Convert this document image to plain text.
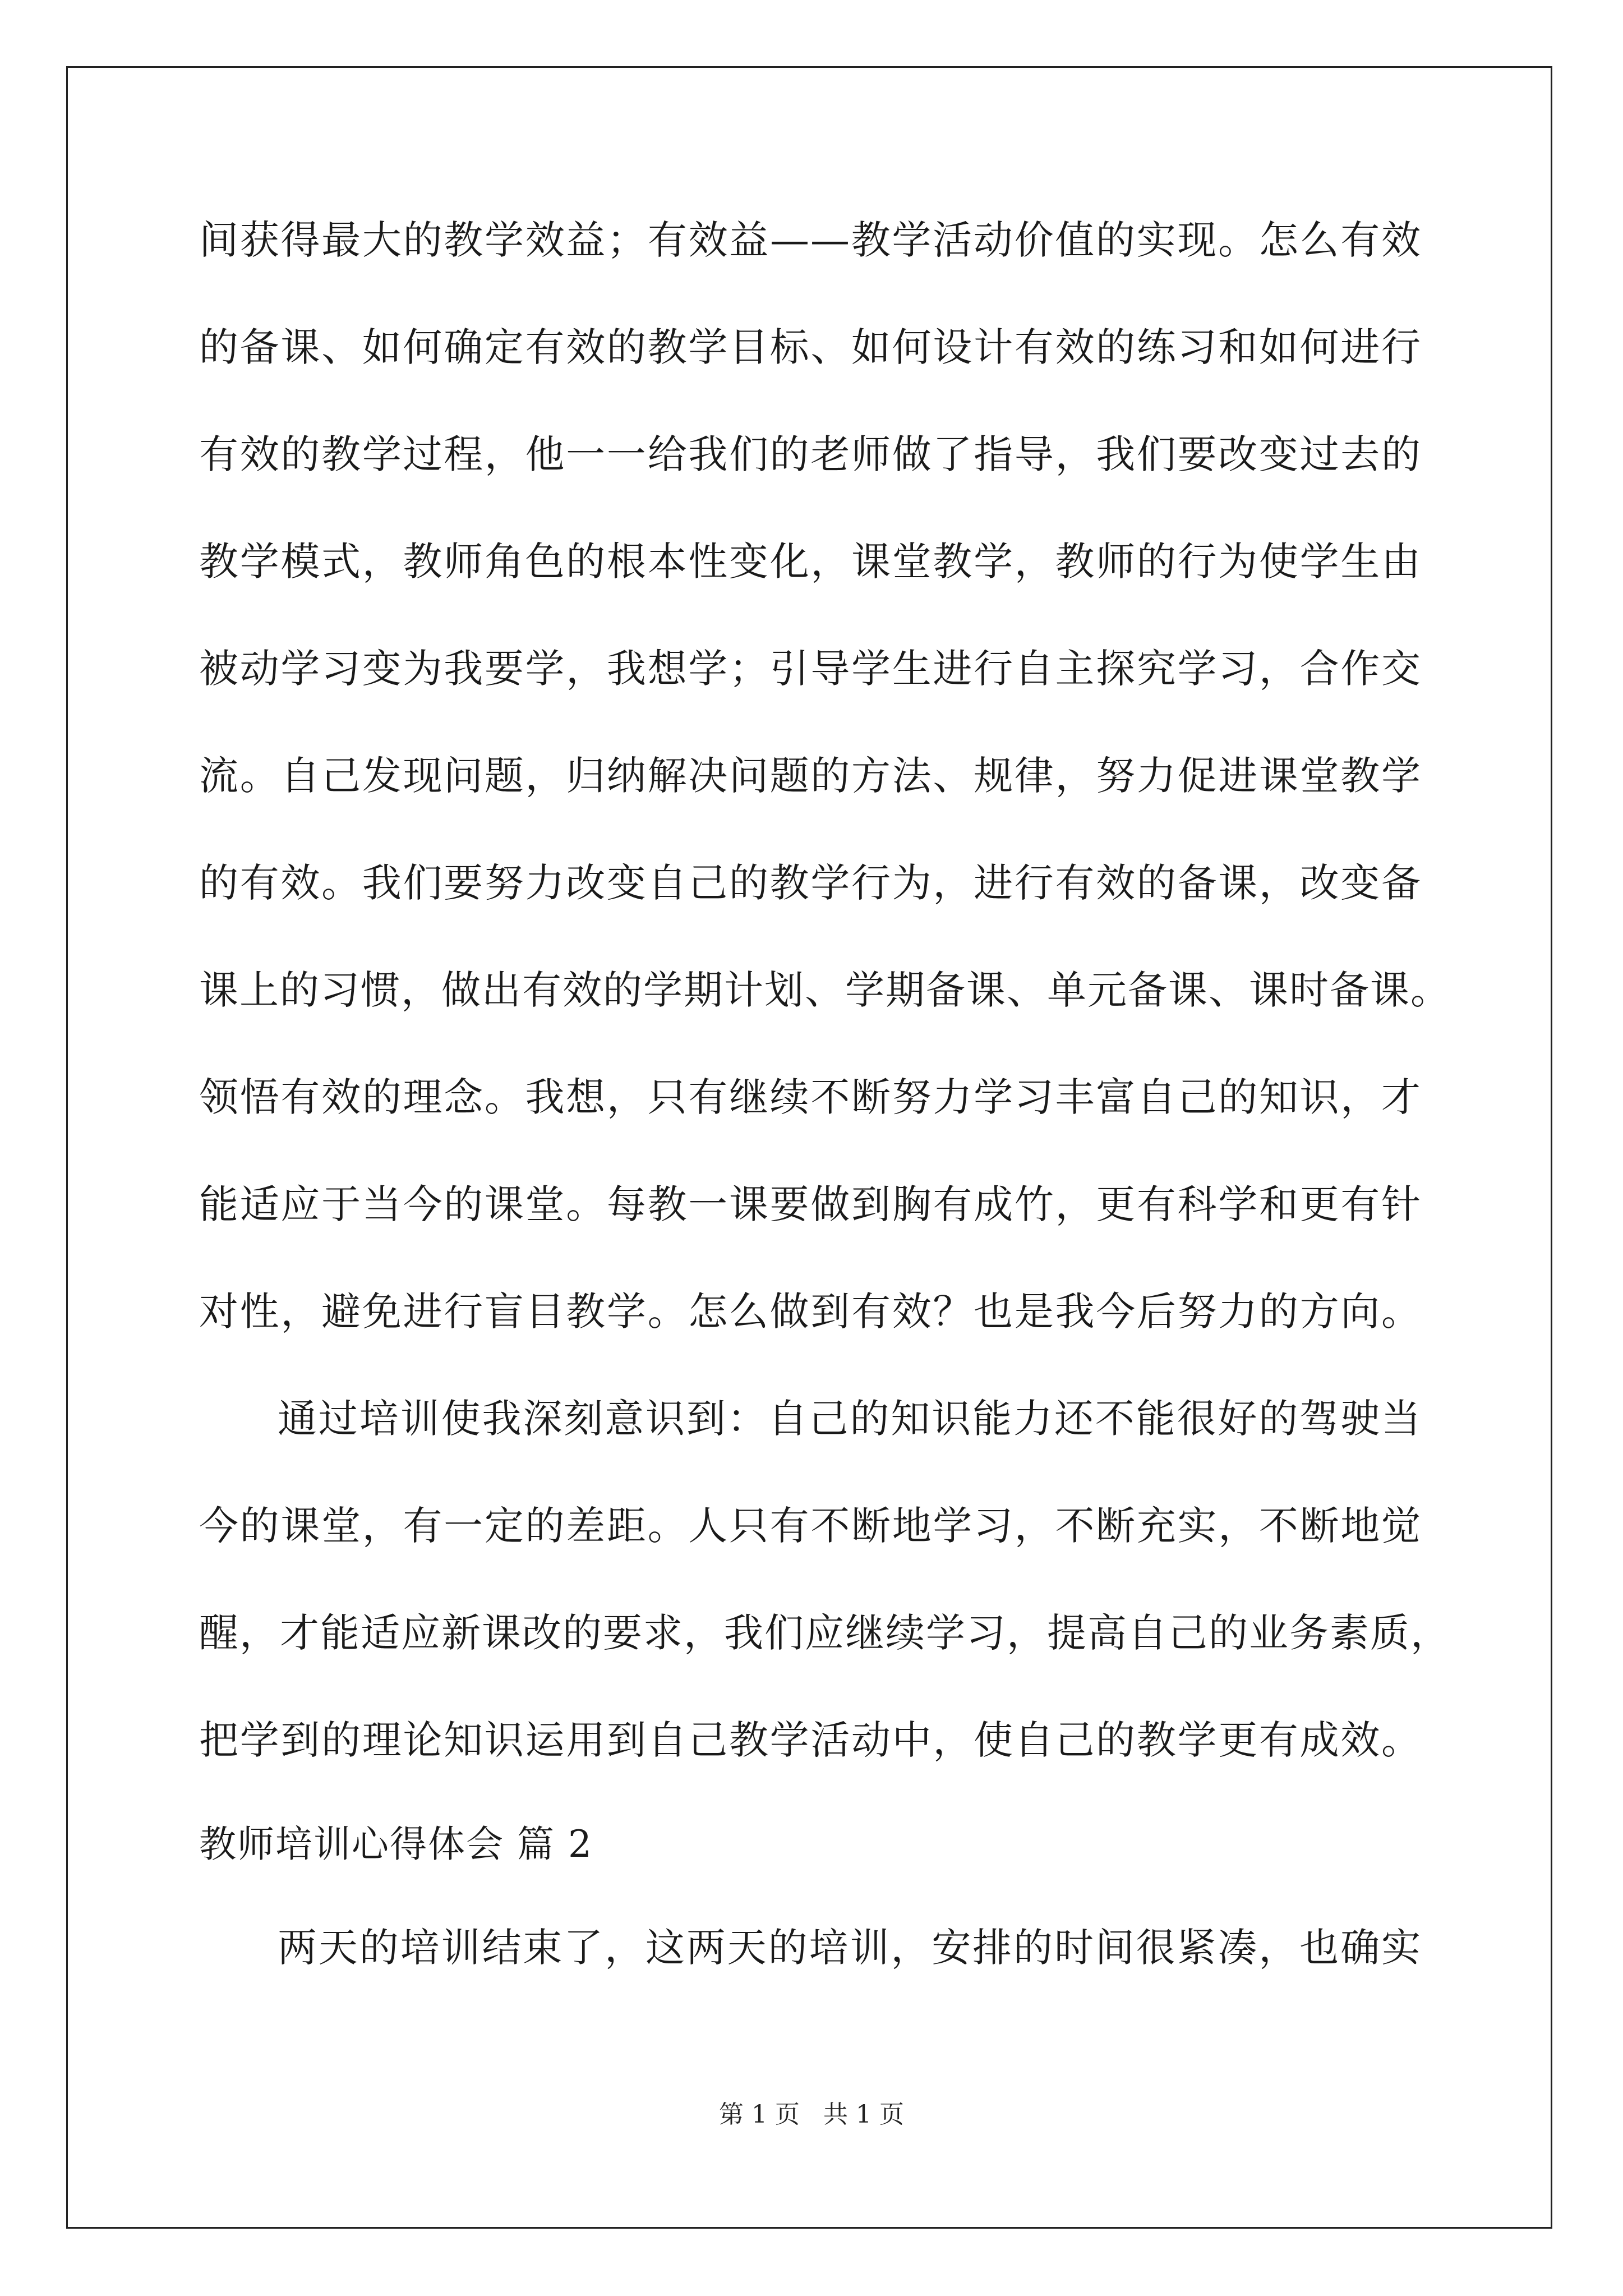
间获得最大的教学效益；有效益——教学活动价值的实现。怎么有效
的备课、如何确定有效的教学目标、如何设计有效的练习和如何进行
有效的教学过程，他一一给我们的老师做了指导，我们要改变过去的
教学模式，教师角色的根本性变化，课堂教学，教师的行为使学生由
被动学习变为我要学，我想学；引导学生进行自主探究学习，合作交
流。自己发现问题，归纳解决问题的方法、规律，努力促进课堂教学
的有效。我们要努力改变自己的教学行为，进行有效的备课，改变备
课上的习惯，做出有效的学期计划、学期备课、单元备课、课时备课。
领悟有效的理念。我想，只有继续不断努力学习丰富自己的知识，才
能适应于当今的课堂。每教一课要做到胸有成竹，更有科学和更有针
对性，避免进行盲目教学。怎么做到有效？也是我今后努力的方向。
通过培训使我深刻意识到：自己的知识能力还不能很好的驾驶当
今的课堂，有一定的差距。人只有不断地学习，不断充实，不断地觉
醒，才能适应新课改的要求，我们应继续学习，提高自己的业务素质，
把学到的理论知识运用到自己教学活动中，使自己的教学更有成效。
教师培训心得体会 篇 2
两天的培训结束了，这两天的培训，安排的时间很紧凑，也确实
第 1 页   共 1 页
